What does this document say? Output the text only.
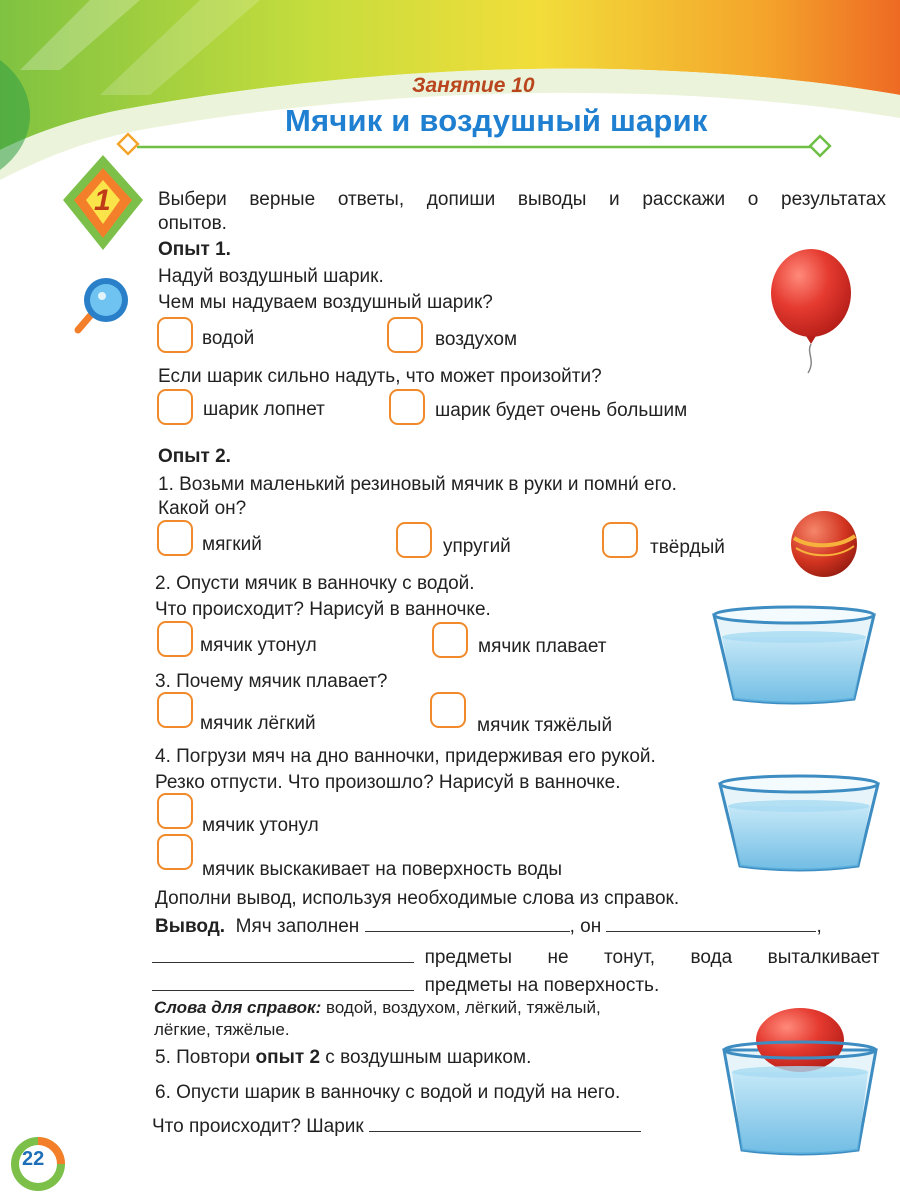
Занятие 10
Мячик и воздушный шарик
1 Выбери верные ответы, допиши выводы и расскажи о результатах
опытов.
Опыт 1.
Надуй воздушный шарик.
Чем мы надуваем воздушный шарик?
водой	воздухом
Если шарик сильно надуть, что может произойти?
шарик лопнет	шарик будет очень большим
Опыт 2.
1. Возьми маленький резиновый мячик в руки и помни́ его.
Какой он?
мягкий	упругий	твёрдый
2. Опусти мячик в ванночку с водой.
Что происходит? Нарисуй в ванночке.
мячик утонул	мячик плавает
3. Почему мячик плавает?
мячик лёгкий	мячик тяжёлый
4. Погрузи мяч на дно ванночки, придерживая его рукой.
Резко отпусти. Что произошло? Нарисуй в ванночке.
мячик утонул
мячик выскакивает на поверхность воды
Дополни вывод, используя необходимые слова из справок.
Вывод. Мяч заполнен	, он	,
предметы не тонут, вода выталкивает
предметы на поверхность.
Слова для справок: водой, воздухом, лёгкий, тяжёлый,
лёгкие, тяжёлые.
5. Повтори опыт 2 с воздушным шариком.
6. Опусти шарик в ванночку с водой и подуй на него.
Что происходит? Шарик
22
